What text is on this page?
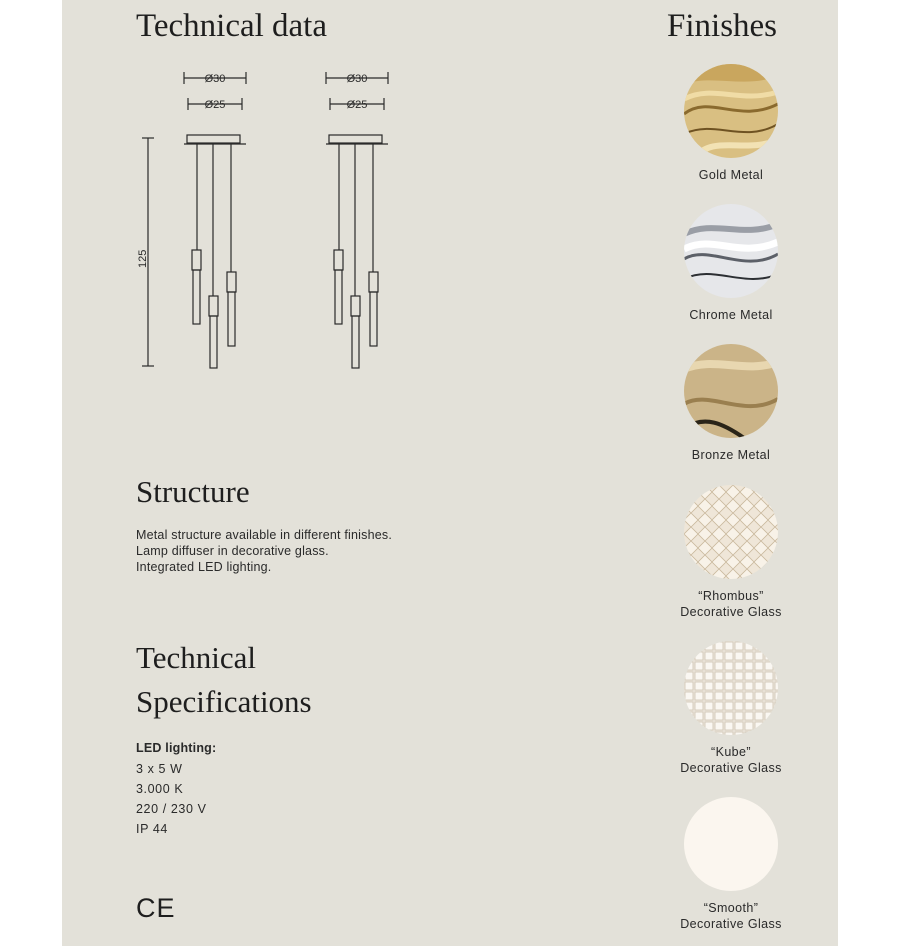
Technical data	Finishes
125
Ø30
Ø25
Ø30
Ø25
Structure
Metal structure available in different finishes.
Lamp diffuser in decorative glass.
Integrated LED lighting.
Technical
Specifications
LED lighting:
3 x 5 W
3.000 K
220 / 230 V
IP 44
CE
Gold Metal
Chrome Metal
Bronze Metal
“Rhombus”
Decorative Glass
“Kube”
Decorative Glass
“Smooth”
Decorative Glass
